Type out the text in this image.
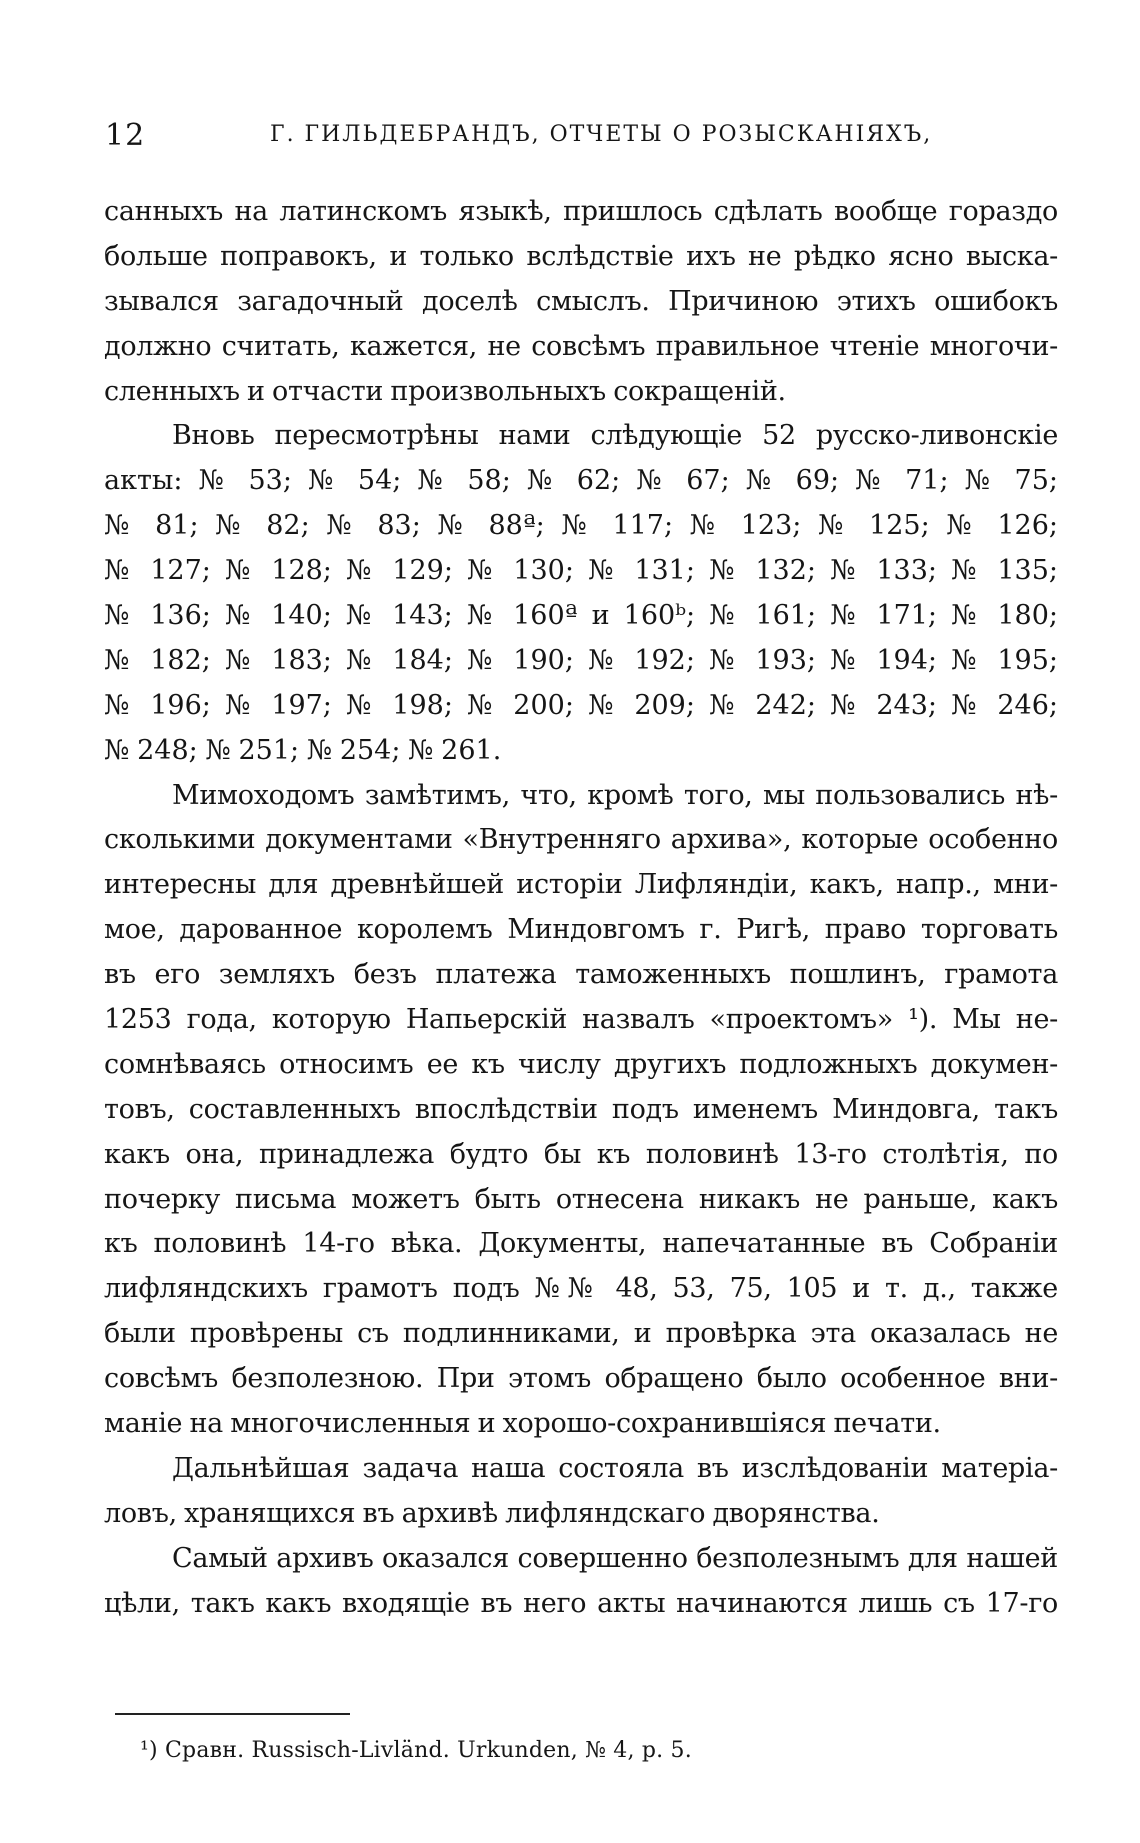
12	Г. ГИЛЬДЕБРАНДЪ, ОТЧЕТЫ О РОЗЫСКАНІЯХЪ,
санныхъ на латинскомъ языкѣ, пришлось сдѣлать вообще гораздо
больше поправокъ, и только вслѣдствіе ихъ не рѣдко ясно выска-
зывался загадочный доселѣ смыслъ. Причиною этихъ ошибокъ
должно считать, кажется, не совсѣмъ правильное чтеніе многочи-
сленныхъ и отчасти произвольныхъ сокращеній.
Вновь пересмотрѣны нами слѣдующіе 52 русско-ливонскіе
акты: № 53; № 54; № 58; № 62; № 67; № 69; № 71; № 75;
№ 81; № 82; № 83; № 88ª; № 117; № 123; № 125; № 126;
№ 127; № 128; № 129; № 130; № 131; № 132; № 133; № 135;
№ 136; № 140; № 143; № 160ª и 160ᵇ; № 161; № 171; № 180;
№ 182; № 183; № 184; № 190; № 192; № 193; № 194; № 195;
№ 196; № 197; № 198; № 200; № 209; № 242; № 243; № 246;
№ 248; № 251; № 254; № 261.
Мимоходомъ замѣтимъ, что, кромѣ того, мы пользовались нѣ-
сколькими документами «Внутренняго архива», которые особенно
интересны для древнѣйшей исторіи Лифляндіи, какъ, напр., мни-
мое, дарованное королемъ Миндовгомъ г. Ригѣ, право торговать
въ его земляхъ безъ платежа таможенныхъ пошлинъ, грамота
1253 года, которую Напьерскій назвалъ «проектомъ» ¹). Мы не-
сомнѣваясь относимъ ее къ числу другихъ подложныхъ докумен-
товъ, составленныхъ впослѣдствіи подъ именемъ Миндовга, такъ
какъ она, принадлежа будто бы къ половинѣ 13-го столѣтія, по
почерку письма можетъ быть отнесена никакъ не раньше, какъ
къ половинѣ 14-го вѣка. Документы, напечатанные въ Собраніи
лифляндскихъ грамотъ подъ №№ 48, 53, 75, 105 и т. д., также
были провѣрены съ подлинниками, и провѣрка эта оказалась не
совсѣмъ безполезною. При этомъ обращено было особенное вни-
маніе на многочисленныя и хорошо-сохранившіяся печати.
Дальнѣйшая задача наша состояла въ изслѣдованіи матеріа-
ловъ, хранящихся въ архивѣ лифляндскаго дворянства.
Самый архивъ оказался совершенно безполезнымъ для нашей
цѣли, такъ какъ входящіе въ него акты начинаются лишь съ 17-го
¹) Сравн. Russisch-Livländ. Urkunden, № 4, p. 5.
